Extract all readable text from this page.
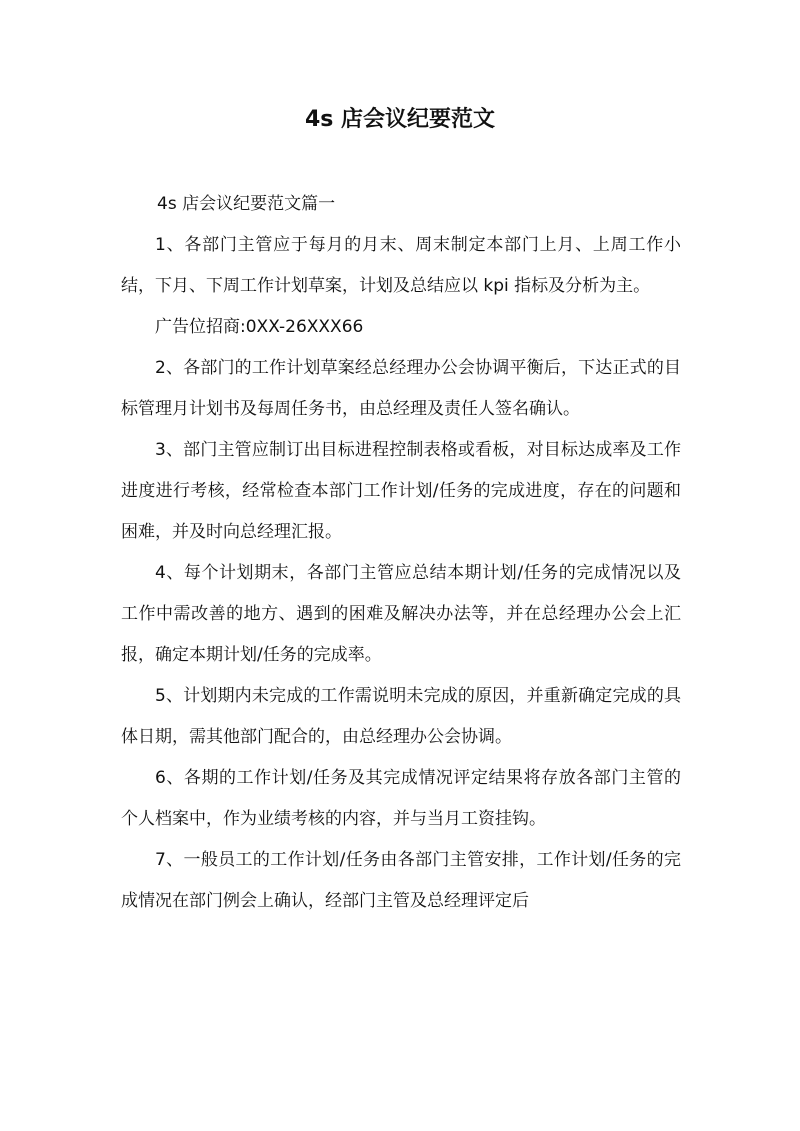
4s 店会议纪要范文

4s 店会议纪要范文篇一

1、各部门主管应于每月的月末、周末制定本部门上月、上周工作小结，下月、下周工作计划草案，计划及总结应以 kpi 指标及分析为主。

广告位招商:0XX-26XXX66

2、各部门的工作计划草案经总经理办公会协调平衡后，下达正式的目标管理月计划书及每周任务书，由总经理及责任人签名确认。

3、部门主管应制订出目标进程控制表格或看板，对目标达成率及工作进度进行考核，经常检查本部门工作计划/任务的完成进度，存在的问题和困难，并及时向总经理汇报。

4、每个计划期末，各部门主管应总结本期计划/任务的完成情况以及工作中需改善的地方、遇到的困难及解决办法等，并在总经理办公会上汇报，确定本期计划/任务的完成率。

5、计划期内未完成的工作需说明未完成的原因，并重新确定完成的具体日期，需其他部门配合的，由总经理办公会协调。

6、各期的工作计划/任务及其完成情况评定结果将存放各部门主管的个人档案中，作为业绩考核的内容，并与当月工资挂钩。

7、一般员工的工作计划/任务由各部门主管安排，工作计划/任务的完成情况在部门例会上确认，经部门主管及总经理评定后
